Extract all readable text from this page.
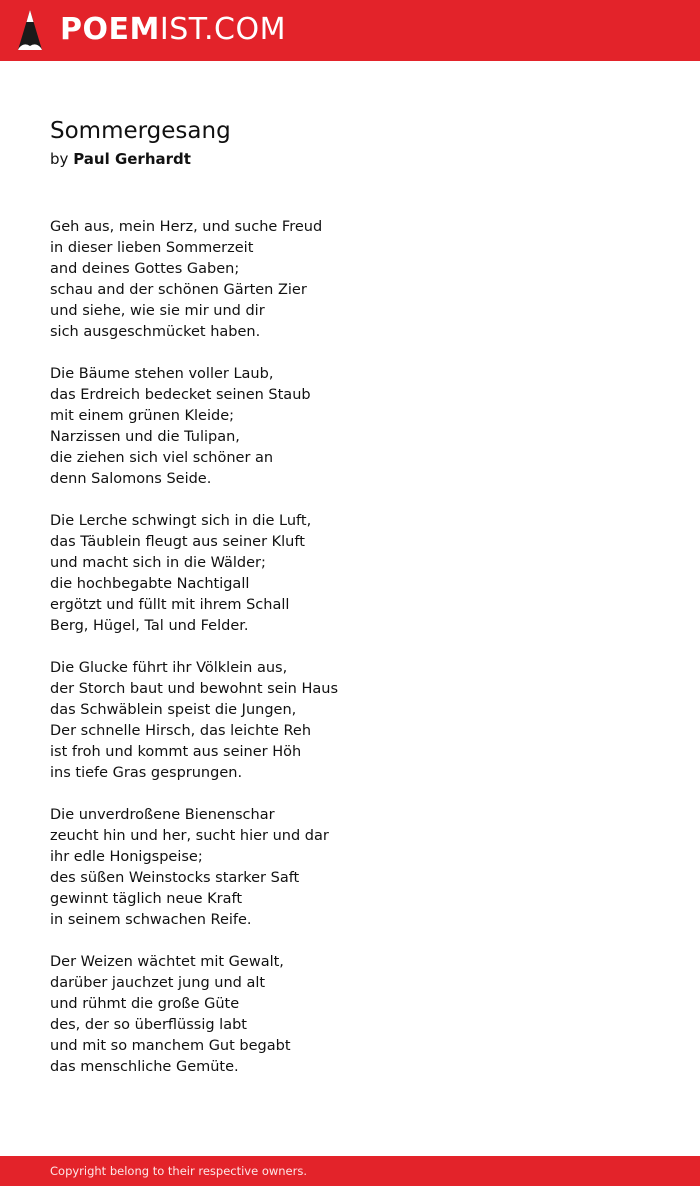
POEMIST.COM
Sommergesang
by Paul Gerhardt
Geh aus, mein Herz, und suche Freud
in dieser lieben Sommerzeit
and deines Gottes Gaben;
schau and der schönen Gärten Zier
und siehe, wie sie mir und dir
sich ausgeschmücket haben.
Die Bäume stehen voller Laub,
das Erdreich bedecket seinen Staub
mit einem grünen Kleide;
Narzissen und die Tulipan,
die ziehen sich viel schöner an
denn Salomons Seide.
Die Lerche schwingt sich in die Luft,
das Täublein fleugt aus seiner Kluft
und macht sich in die Wälder;
die hochbegabte Nachtigall
ergötzt und füllt mit ihrem Schall
Berg, Hügel, Tal und Felder.
Die Glucke führt ihr Völklein aus,
der Storch baut und bewohnt sein Haus
das Schwäblein speist die Jungen,
Der schnelle Hirsch, das leichte Reh
ist froh und kommt aus seiner Höh
ins tiefe Gras gesprungen.
Die unverdroßene Bienenschar
zeucht hin und her, sucht hier und dar
ihr edle Honigspeise;
des süßen Weinstocks starker Saft
gewinnt täglich neue Kraft
in seinem schwachen Reife.
Der Weizen wächtet mit Gewalt,
darüber jauchzet jung und alt
und rühmt die große Güte
des, der so überflüssig labt
und mit so manchem Gut begabt
das menschliche Gemüte.
Copyright belong to their respective owners.
